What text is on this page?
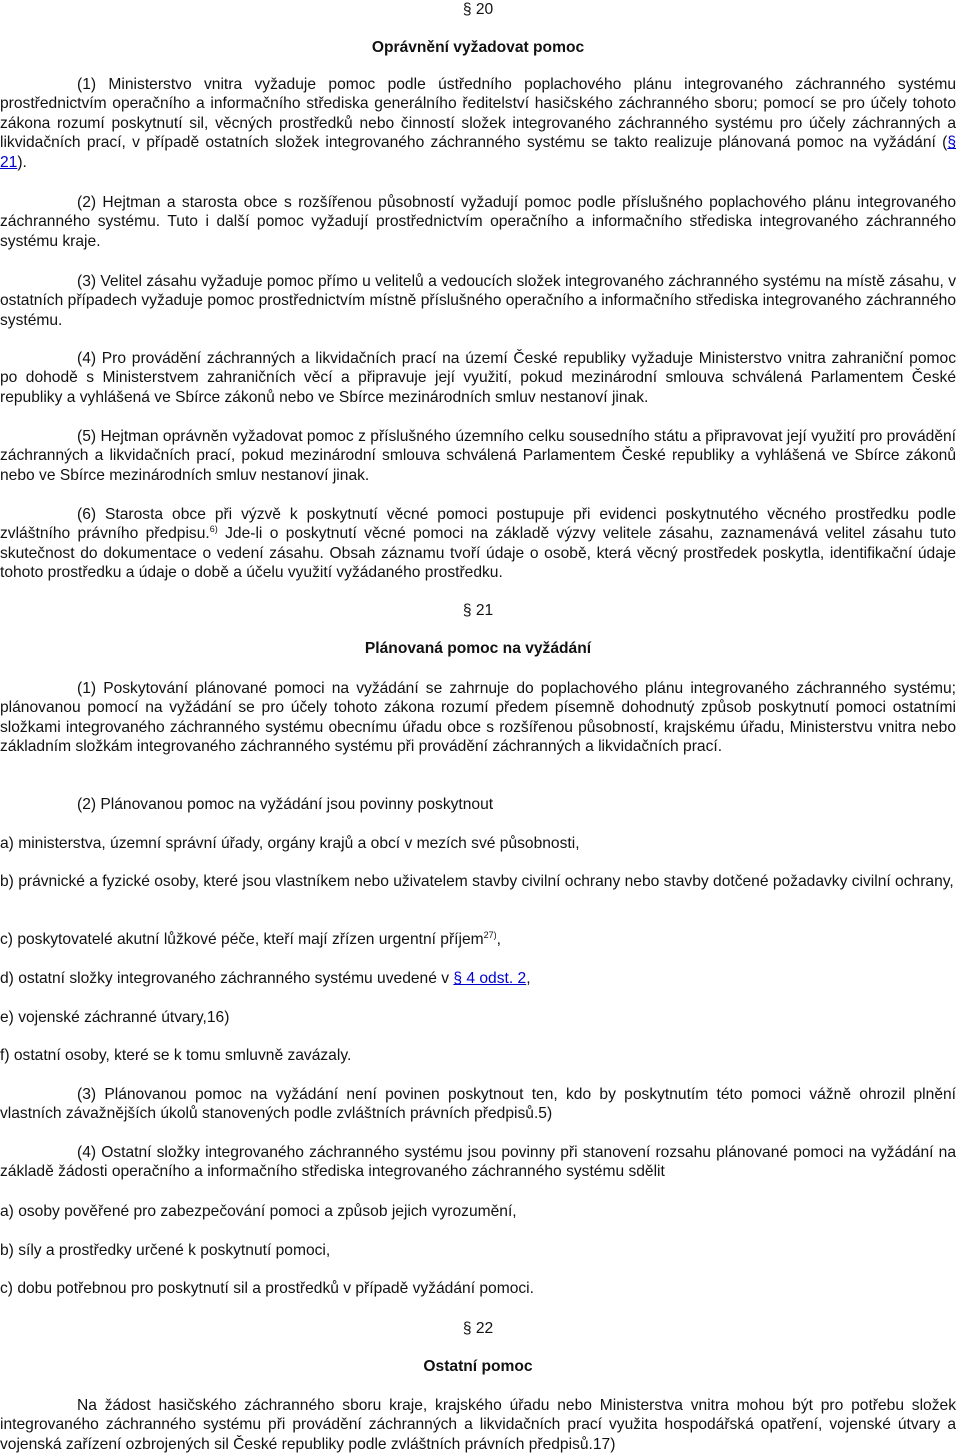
§ 20
Oprávnění vyžadovat pomoc

(1) Ministerstvo vnitra vyžaduje pomoc podle ústředního poplachového plánu integrovaného záchranného systému prostřednictvím operačního a informačního střediska generálního ředitelství hasičského záchranného sboru; pomocí se pro účely tohoto zákona rozumí poskytnutí sil, věcných prostředků nebo činností složek integrovaného záchranného systému pro účely záchranných a likvidačních prací, v případě ostatních složek integrovaného záchranného systému se takto realizuje plánovaná pomoc na vyžádání (§ 21).

(2) Hejtman a starosta obce s rozšířenou působností vyžadují pomoc podle příslušného poplachového plánu integrovaného záchranného systému. Tuto i další pomoc vyžadují prostřednictvím operačního a informačního střediska integrovaného záchranného systému kraje.

(3) Velitel zásahu vyžaduje pomoc přímo u velitelů a vedoucích složek integrovaného záchranného systému na místě zásahu, v ostatních případech vyžaduje pomoc prostřednictvím místně příslušného operačního a informačního střediska integrovaného záchranného systému.

(4) Pro provádění záchranných a likvidačních prací na území České republiky vyžaduje Ministerstvo vnitra zahraniční pomoc po dohodě s Ministerstvem zahraničních věcí a připravuje její využití, pokud mezinárodní smlouva schválená Parlamentem České republiky a vyhlášená ve Sbírce zákonů nebo ve Sbírce mezinárodních smluv nestanoví jinak.

(5) Hejtman oprávněn vyžadovat pomoc z příslušného územního celku sousedního státu a připravovat její využití pro provádění záchranných a likvidačních prací, pokud mezinárodní smlouva schválená Parlamentem České republiky a vyhlášená ve Sbírce zákonů nebo ve Sbírce mezinárodních smluv nestanoví jinak.

(6) Starosta obce při výzvě k poskytnutí věcné pomoci postupuje při evidenci poskytnutého věcného prostředku podle zvláštního právního předpisu.$^{6)}$ Jde-li o poskytnutí věcné pomoci na základě výzvy velitele zásahu, zaznamenává velitel zásahu tuto skutečnost do dokumentace o vedení zásahu. Obsah záznamu tvoří údaje o osobě, která věcný prostředek poskytla, identifikační údaje tohoto prostředku a údaje o době a účelu využití vyžádaného prostředku.

§ 21
Plánovaná pomoc na vyžádání

(1) Poskytování plánované pomoci na vyžádání se zahrnuje do poplachového plánu integrovaného záchranného systému; plánovanou pomocí na vyžádání se pro účely tohoto zákona rozumí předem písemně dohodnutý způsob poskytnutí pomoci ostatními složkami integrovaného záchranného systému obecnímu úřadu obce s rozšířenou působností, krajskému úřadu, Ministerstvu vnitra nebo základním složkám integrovaného záchranného systému při provádění záchranných a likvidačních prací.

(2) Plánovanou pomoc na vyžádání jsou povinny poskytnout

a) ministerstva, územní správní úřady, orgány krajů a obcí v mezích své působnosti,

b) právnické a fyzické osoby, které jsou vlastníkem nebo uživatelem stavby civilní ochrany nebo stavby dotčené požadavky civilní ochrany,

c) poskytovatelé akutní lůžkové péče, kteří mají zřízen urgentní příjem$^{27)}$,

d) ostatní složky integrovaného záchranného systému uvedené v § 4 odst. 2,

e) vojenské záchranné útvary,16)

f) ostatní osoby, které se k tomu smluvně zavázaly.

(3) Plánovanou pomoc na vyžádání není povinen poskytnout ten, kdo by poskytnutím této pomoci vážně ohrozil plnění vlastních závažnějších úkolů stanovených podle zvláštních právních předpisů.5)

(4) Ostatní složky integrovaného záchranného systému jsou povinny při stanovení rozsahu plánované pomoci na vyžádání na základě žádosti operačního a informačního střediska integrovaného záchranného systému sdělit

a) osoby pověřené pro zabezpečování pomoci a způsob jejich vyrozumění,

b) síly a prostředky určené k poskytnutí pomoci,

c) dobu potřebnou pro poskytnutí sil a prostředků v případě vyžádání pomoci.

§ 22
Ostatní pomoc

Na žádost hasičského záchranného sboru kraje, krajského úřadu nebo Ministerstva vnitra mohou být pro potřebu složek integrovaného záchranného systému při provádění záchranných a likvidačních prací využita hospodářská opatření, vojenské útvary a vojenská zařízení ozbrojených sil České republiky podle zvláštních právních předpisů.17)
